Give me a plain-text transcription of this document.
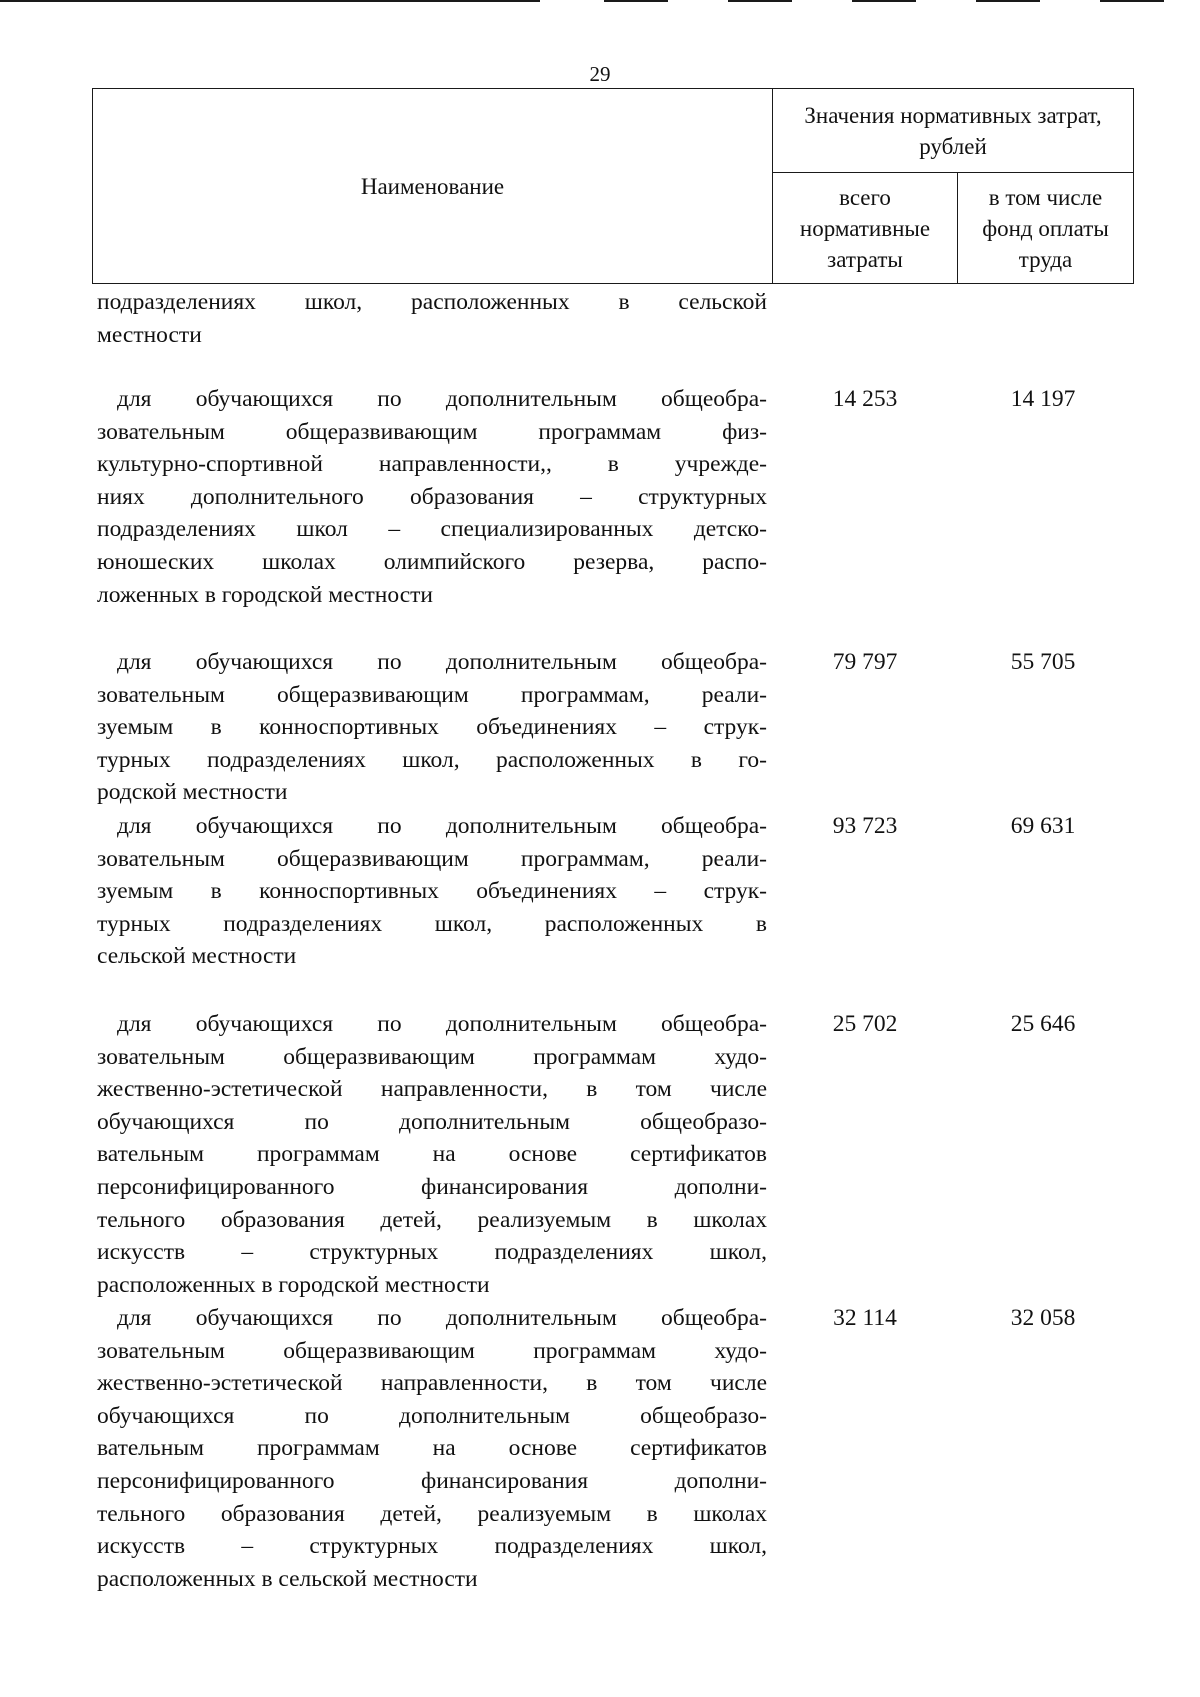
29
Наименование	Значения нормативных затрат, рублей	
	всего нормативные затраты	в том числе фонд оплаты труда
подразделениях школ, расположенных в сельской
местности
для обучающихся по дополнительным общеобра-
зовательным общеразвивающим программам физ-
культурно-спортивной направленности,, в учрежде-
ниях дополнительного образования – структурных
подразделениях школ – специализированных детско-
юношеских школах олимпийского резерва, распо-
ложенных в городской местности
14 253	14 197
для обучающихся по дополнительным общеобра-
зовательным общеразвивающим программам, реали-
зуемым в конноспортивных объединениях – струк-
турных подразделениях школ, расположенных в го-
родской местности
79 797	55 705
для обучающихся по дополнительным общеобра-
зовательным общеразвивающим программам, реали-
зуемым в конноспортивных объединениях – струк-
турных подразделениях школ, расположенных в
сельской местности
93 723	69 631
для обучающихся по дополнительным общеобра-
зовательным общеразвивающим программам худо-
жественно-эстетической направленности, в том числе
обучающихся по дополнительным общеобразо-
вательным программам на основе сертификатов
персонифицированного финансирования дополни-
тельного образования детей, реализуемым в школах
искусств – структурных подразделениях школ,
расположенных в городской местности
25 702	25 646
для обучающихся по дополнительным общеобра-
зовательным общеразвивающим программам худо-
жественно-эстетической направленности, в том числе
обучающихся по дополнительным общеобразо-
вательным программам на основе сертификатов
персонифицированного финансирования дополни-
тельного образования детей, реализуемым в школах
искусств – структурных подразделениях школ,
расположенных в сельской местности
32 114	32 058
